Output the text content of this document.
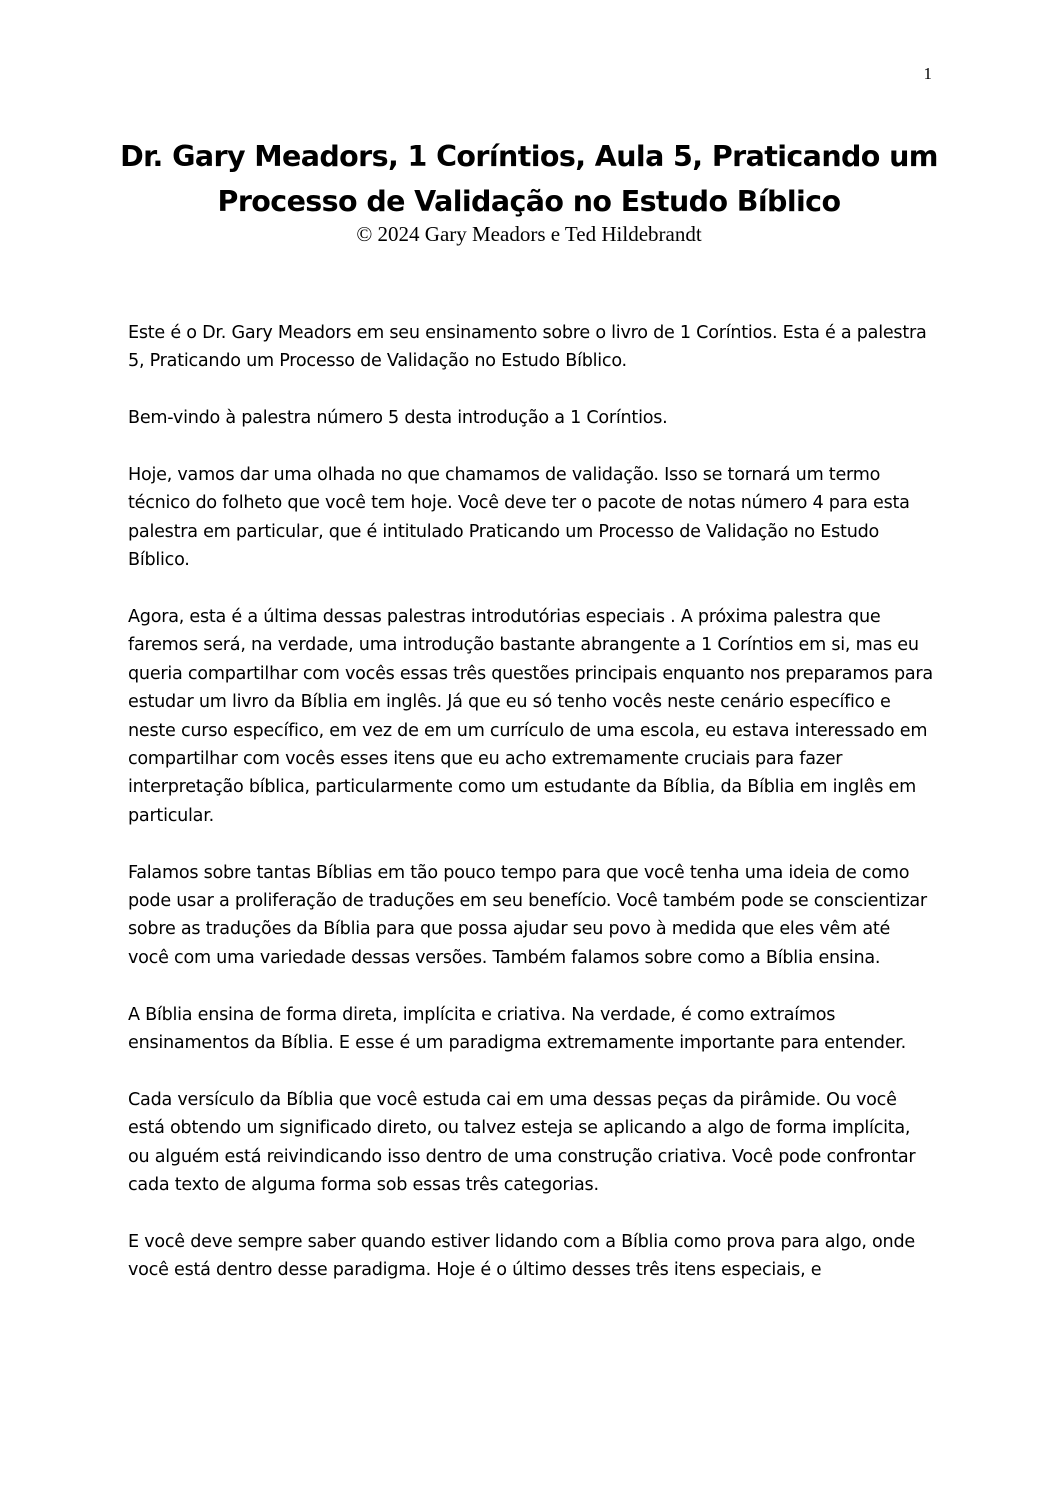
1
Dr. Gary Meadors, 1 Coríntios, Aula 5, Praticando um Processo de Validação no Estudo Bíblico

© 2024 Gary Meadors e Ted Hildebrandt

Este é o Dr. Gary Meadors em seu ensinamento sobre o livro de 1 Coríntios. Esta é a palestra 5, Praticando um Processo de Validação no Estudo Bíblico.

Bem-vindo à palestra número 5 desta introdução a 1 Coríntios.

Hoje, vamos dar uma olhada no que chamamos de validação. Isso se tornará um termo técnico do folheto que você tem hoje. Você deve ter o pacote de notas número 4 para esta palestra em particular, que é intitulado Praticando um Processo de Validação no Estudo Bíblico.

Agora, esta é a última dessas palestras introdutórias especiais . A próxima palestra que faremos será, na verdade, uma introdução bastante abrangente a 1 Coríntios em si, mas eu queria compartilhar com vocês essas três questões principais enquanto nos preparamos para estudar um livro da Bíblia em inglês. Já que eu só tenho vocês neste cenário específico e neste curso específico, em vez de em um currículo de uma escola, eu estava interessado em compartilhar com vocês esses itens que eu acho extremamente cruciais para fazer interpretação bíblica, particularmente como um estudante da Bíblia, da Bíblia em inglês em particular.

Falamos sobre tantas Bíblias em tão pouco tempo para que você tenha uma ideia de como pode usar a proliferação de traduções em seu benefício. Você também pode se conscientizar sobre as traduções da Bíblia para que possa ajudar seu povo à medida que eles vêm até você com uma variedade dessas versões. Também falamos sobre como a Bíblia ensina.

A Bíblia ensina de forma direta, implícita e criativa. Na verdade, é como extraímos ensinamentos da Bíblia. E esse é um paradigma extremamente importante para entender.

Cada versículo da Bíblia que você estuda cai em uma dessas peças da pirâmide. Ou você está obtendo um significado direto, ou talvez esteja se aplicando a algo de forma implícita, ou alguém está reivindicando isso dentro de uma construção criativa. Você pode confrontar cada texto de alguma forma sob essas três categorias.

E você deve sempre saber quando estiver lidando com a Bíblia como prova para algo, onde você está dentro desse paradigma. Hoje é o último desses três itens especiais, e
